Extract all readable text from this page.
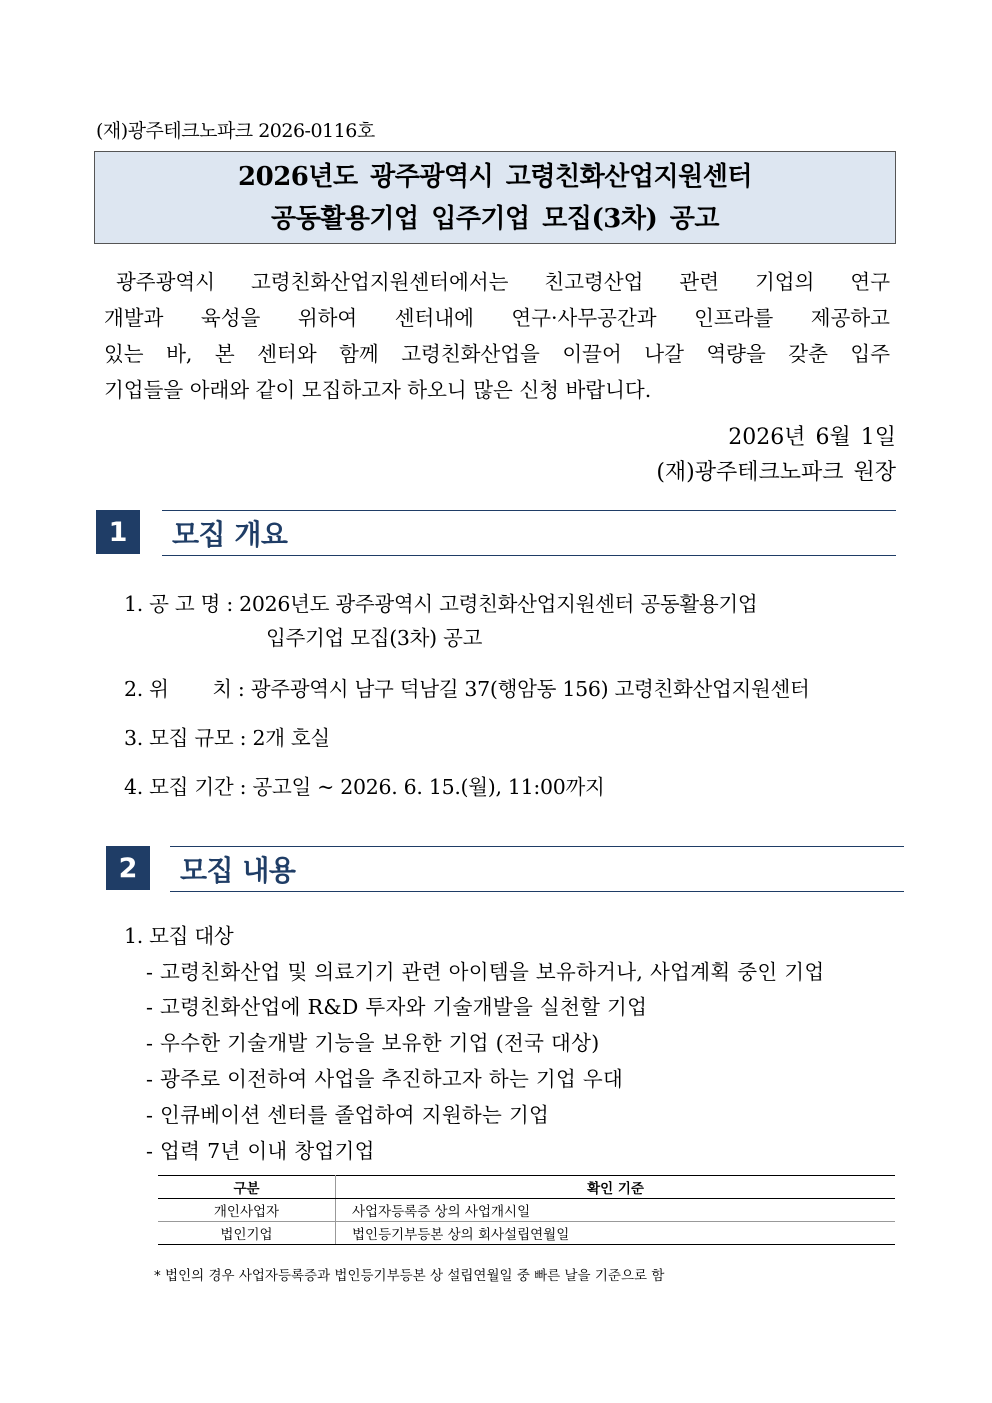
(재)광주테크노파크 2026-0116호
2026년도 광주광역시 고령친화산업지원센터
공동활용기업 입주기업 모집(3차) 공고
광주광역시 고령친화산업지원센터에서는 친고령산업 관련 기업의 연구
개발과 육성을 위하여 센터내에 연구·사무공간과 인프라를 제공하고
있는 바, 본 센터와 함께 고령친화산업을 이끌어 나갈 역량을 갖춘 입주
기업들을 아래와 같이 모집하고자 하오니 많은 신청 바랍니다.
2026년 6월 1일
(재)광주테크노파크 원장
1	모집 개요
1. 공 고 명 : 2026년도 광주광역시 고령친화산업지원센터 공동활용기업
입주기업 모집(3차) 공고
2. 위       치 : 광주광역시 남구 덕남길 37(행암동 156) 고령친화산업지원센터
3. 모집 규모 : 2개 호실
4. 모집 기간 : 공고일 ~ 2026. 6. 15.(월), 11:00까지
2	모집 내용
1. 모집 대상
- 고령친화산업 및 의료기기 관련 아이템을 보유하거나, 사업계획 중인 기업
- 고령친화산업에 R&D 투자와 기술개발을 실천할 기업
- 우수한 기술개발 기능을 보유한 기업 (전국 대상)
- 광주로 이전하여 사업을 추진하고자 하는 기업 우대
- 인큐베이션 센터를 졸업하여 지원하는 기업
- 업력 7년 이내 창업기업
구분	확인 기준
개인사업자	사업자등록증 상의 사업개시일
법인기업	법인등기부등본 상의 회사설립연월일
* 법인의 경우 사업자등록증과 법인등기부등본 상 설립연월일 중 빠른 날을 기준으로 함
